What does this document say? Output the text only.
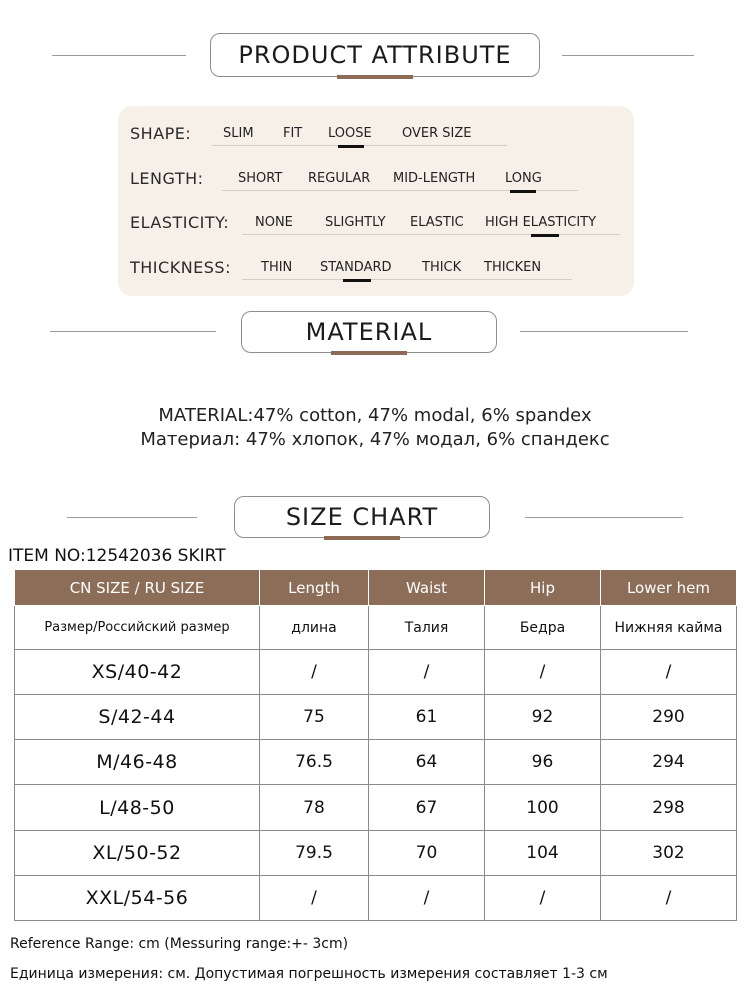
PRODUCT ATTRIBUTE
SHAPE: SLIM FIT LOOSE OVER SIZE
LENGTH:	SHORT REGULAR MID-LENGTH LONG
ELASTICITY: NONE SLIGHTLY ELASTIC HIGH ELASTICITY
THICKNESS: THIN STANDARD THICK THICKEN
MATERIAL
MATERIAL:47% cotton, 47% modal, 6% spandex
Материал: 47% хлопок, 47% модал, 6% спандекс
SIZE CHART
ITEM NO:12542036 SKIRT
CN SIZE / RU SIZE	Length	Waist	Hip	Lower hem
Размер/Российский размер	длина	Талия	Бедра	Нижняя кайма
XS/40-42	/	/	/	/
S/42-44	75	61	92	290
M/46-48	76.5	64	96	294
L/48-50	78	67	100	298
XL/50-52	79.5	70	104	302
XXL/54-56	/	/	/	/
Reference Range: cm (Messuring range:+- 3cm)
Единица измерения: см. Допустимая погрешность измерения составляет 1-3 см
